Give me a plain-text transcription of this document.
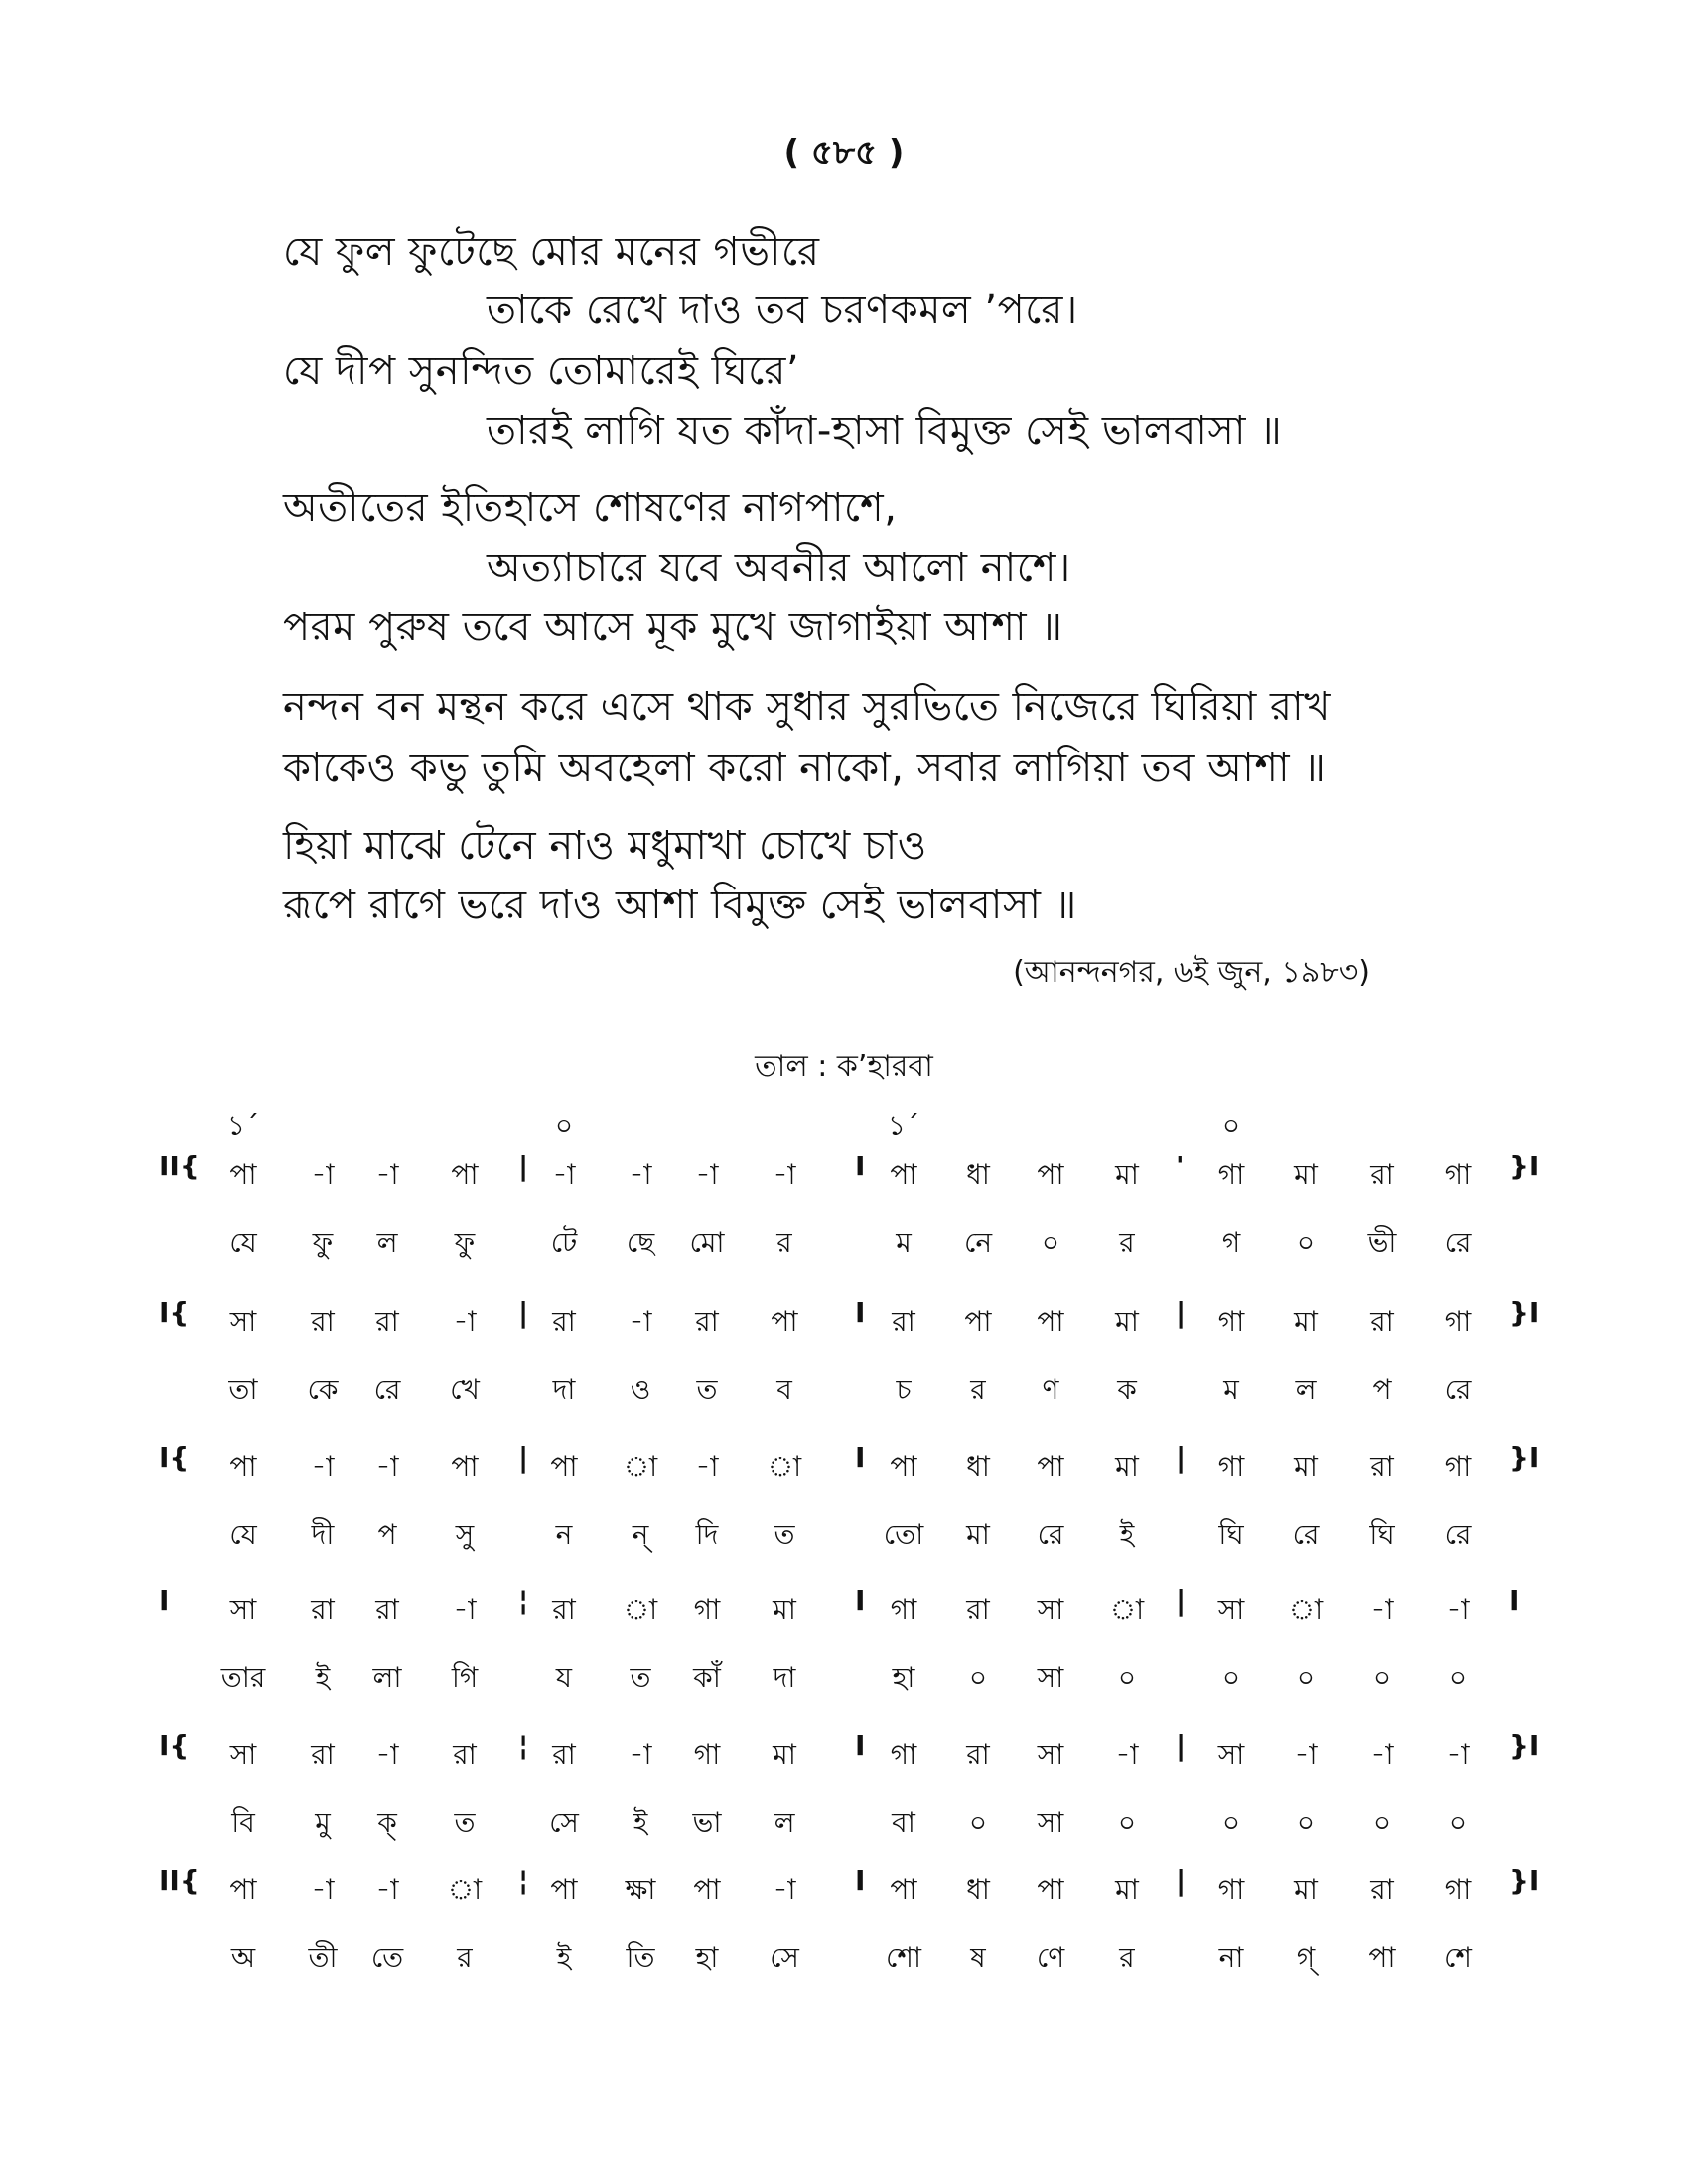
( ৫৮৫ )
যে ফুল ফুটেছে মোর মনের গভীরে
তাকে রেখে দাও তব চরণকমল ’পরে।
যে দীপ সুনন্দিত তোমারেই ঘিরে’
তারই লাগি যত কাঁদা-হাসা বিমুক্ত সেই ভালবাসা ॥
অতীতের ইতিহাসে শোষণের নাগপাশে,
অত্যাচারে যবে অবনীর আলো নাশে।
পরম পুরুষ তবে আসে মূক মুখে জাগাইয়া আশা ॥
নন্দন বন মন্থন করে এসে থাক সুধার সুরভিতে নিজেরে ঘিরিয়া রাখ
কাকেও কভু তুমি অবহেলা করো নাকো, সবার লাগিয়া তব আশা ॥
হিয়া মাঝে টেনে নাও মধুমাখা চোখে চাও
রূপে রাগে ভরে দাও আশা বিমুক্ত সেই ভালবাসা ॥
(আনন্দনগর, ৬ই জুন, ১৯৮৩)
তাল : ক’হারবা
১´	০	১´	০
II{	}I
|	I	'
পা	-া	-া	পা	-া	-া	-া	-া	পা	ধা	পা	মা	গা	মা	রা	গা
যে	ফু	ল	ফু	টে	ছে	মো	র	ম	নে	০	র	গ	০	ভী	রে
I{	}I
|	I	|
সা	রা	রা	-া	রা	-া	রা	পা	রা	পা	পা	মা	গা	মা	রা	গা
তা	কে	রে	খে	দা	ও	ত	ব	চ	র	ণ	ক	ম	ল	প	রে
I{	}I
|	I	|
পা	-া	-া	পা	পা	া	-া	া	পা	ধা	পা	মা	গা	মা	রা	গা
যে	দী	প	সু	ন	ন্	দি	ত	তো	মা	রে	ই	ঘি	রে	ঘি	রে
I	I
¦	I	|
সা	রা	রা	-া	রা	া	গা	মা	গা	রা	সা	া	সা	া	-া	-া
তার	ই	লা	গি	য	ত	কাঁ	দা	হা	০	সা	০	০	০	০	০
I{	}I
¦	I	|
সা	রা	-া	রা	রা	-া	গা	মা	গা	রা	সা	-া	সা	-া	-া	-া
বি	মু	ক্	ত	সে	ই	ভা	ল	বা	০	সা	০	০	০	০	০
II{	}I
¦	I	|
পা	-া	-া	া	পা	ক্ষা	পা	-া	পা	ধা	পা	মা	গা	মা	রা	গা
অ	তী	তে	র	ই	তি	হা	সে	শো	ষ	ণে	র	না	গ্	পা	শে
